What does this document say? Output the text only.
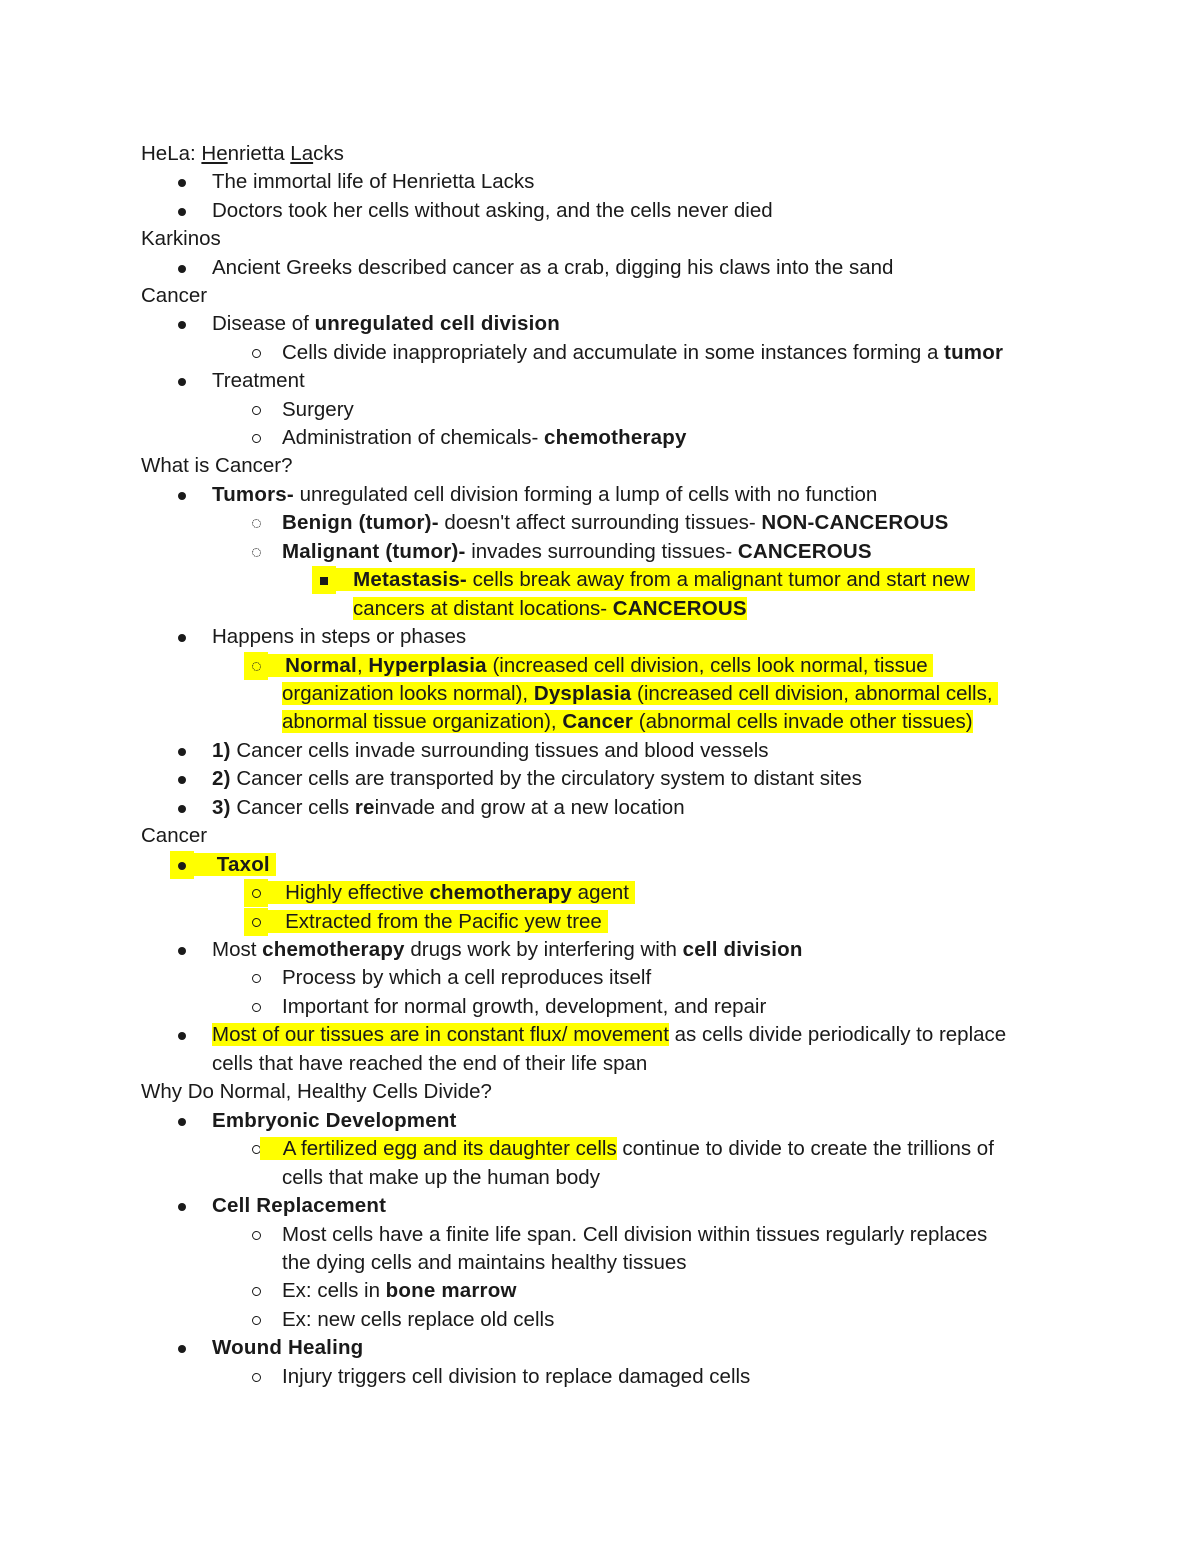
HeLa: Henrietta Lacks
The immortal life of Henrietta Lacks
Doctors took her cells without asking, and the cells never died
Karkinos
Ancient Greeks described cancer as a crab, digging his claws into the sand
Cancer
Disease of unregulated cell division
Cells divide inappropriately and accumulate in some instances forming a tumor
Treatment
Surgery
Administration of chemicals- chemotherapy
What is Cancer?
Tumors- unregulated cell division forming a lump of cells with no function
Benign (tumor)- doesn't affect surrounding tissues- NON-CANCEROUS
Malignant (tumor)- invades surrounding tissues- CANCEROUS
Metastasis- cells break away from a malignant tumor and start new
cancers at distant locations- CANCEROUS
Happens in steps or phases
Normal, Hyperplasia (increased cell division, cells look normal, tissue
organization looks normal), Dysplasia (increased cell division, abnormal cells,
abnormal tissue organization), Cancer (abnormal cells invade other tissues)
1) Cancer cells invade surrounding tissues and blood vessels
2) Cancer cells are transported by the circulatory system to distant sites
3) Cancer cells reinvade and grow at a new location
Cancer
Taxol
Highly effective chemotherapy agent
Extracted from the Pacific yew tree
Most chemotherapy drugs work by interfering with cell division
Process by which a cell reproduces itself
Important for normal growth, development, and repair
Most of our tissues are in constant flux/ movement as cells divide periodically to replace
cells that have reached the end of their life span
Why Do Normal, Healthy Cells Divide?
Embryonic Development
A fertilized egg and its daughter cells continue to divide to create the trillions of
cells that make up the human body
Cell Replacement
Most cells have a finite life span. Cell division within tissues regularly replaces
the dying cells and maintains healthy tissues
Ex: cells in bone marrow
Ex: new cells replace old cells
Wound Healing
Injury triggers cell division to replace damaged cells
